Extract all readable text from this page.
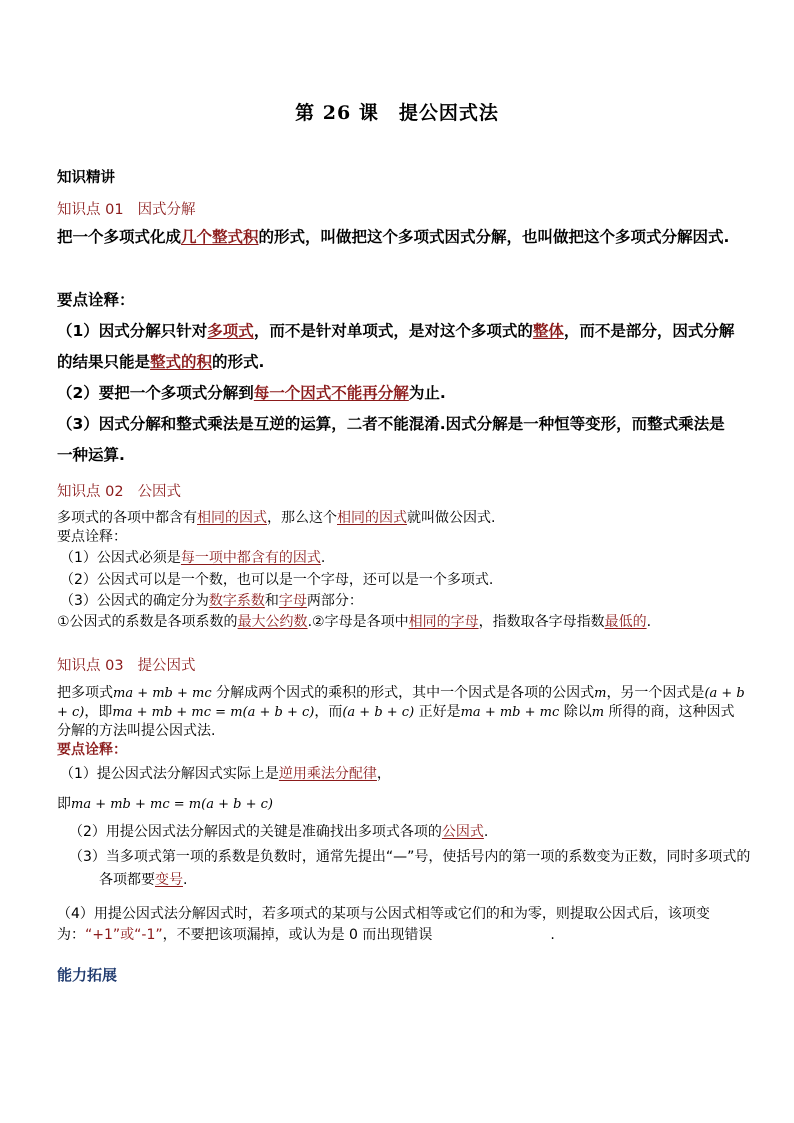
第 26 课　提公因式法
知识精讲
知识点 01 因式分解
把一个多项式化成几个整式积的形式，叫做把这个多项式因式分解，也叫做把这个多项式分解因式.
要点诠释：
（1）因式分解只针对多项式，而不是针对单项式，是对这个多项式的整体，而不是部分，因式分解的结果只能是整式的积的形式.
（2）要把一个多项式分解到每一个因式不能再分解为止.
（3）因式分解和整式乘法是互逆的运算，二者不能混淆.因式分解是一种恒等变形，而整式乘法是一种运算.
知识点 02 公因式
多项式的各项中都含有相同的因式，那么这个相同的因式就叫做公因式.
要点诠释：
（1）公因式必须是每一项中都含有的因式.
（2）公因式可以是一个数，也可以是一个字母，还可以是一个多项式.
（3）公因式的确定分为数字系数和字母两部分：
①公因式的系数是各项系数的最大公约数.②字母是各项中相同的字母，指数取各字母指数最低的.
知识点 03 提公因式
把多项式ma + mb + mc 分解成两个因式的乘积的形式，其中一个因式是各项的公因式m，另一个因式是(a + b + c)，即ma + mb + mc = m(a + b + c)，而(a + b + c) 正好是ma + mb + mc 除以m 所得的商，这种因式分解的方法叫提公因式法.
要点诠释：
（1）提公因式法分解因式实际上是逆用乘法分配律，
即ma + mb + mc = m(a + b + c)
（2）用提公因式法分解因式的关键是准确找出多项式各项的公因式.
（3）当多项式第一项的系数是负数时，通常先提出“—”号，使括号内的第一项的系数变为正数，同时多项式的各项都要变号.
（4）用提公因式法分解因式时，若多项式的某项与公因式相等或它们的和为零，则提取公因式后，该项变为：“+1”或“-1”，不要把该项漏掉，或认为是 0 而出现错误	.
能力拓展
